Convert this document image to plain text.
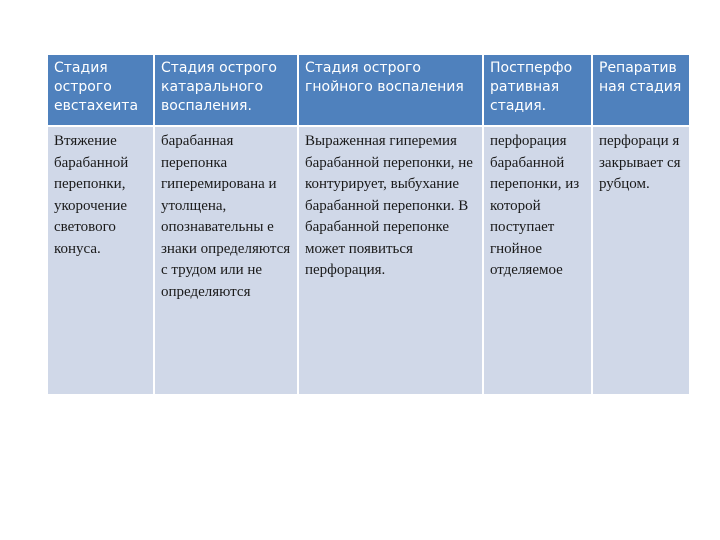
Стадия острого евстахеита	Стадия острого катарального воспаления.	Стадия острого гнойного воспаления	Постперфо ративная стадия.	Репаратив ная стадия
Втяжение барабанной перепонки, укорочение светового конуса.	барабанная перепонка гиперемирована и утолщена, опознавательны е знаки определяются с трудом или не определяются	Выраженная гиперемия барабанной перепонки, не контурирует, выбухание барабанной перепонки. В барабанной перепонке может появиться перфорация.	перфорация барабанной перепонки, из которой поступает гнойное отделяемое	перфораци я закрывает ся рубцом.
